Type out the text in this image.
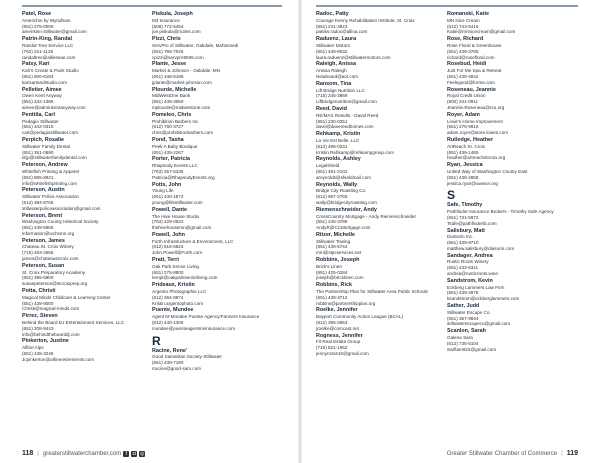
Patel, Rose
Americhin by Wyndham
(651) 275-0000
amerisinn.stillwater@gmail.com
Patrin-King, Randal
Randal Tree Service LLC
(763) 221-1128
randaltree@allieseae.com
Patsy, Kari
Kari's Create & Paint Studio
(651) 800-6183
karisartandstudio.com
Pelletier, Aimee
Owen Kent Anyway
(651) 342-1386
aimee@adminkentanyway.com
Penttila, Carl
Pedagio Stillwater
(651) 342-0310
carl@pedagiostillwater.com
Perpich, Rosalie
Stillwater Family Dental
(651) 351-0690
drjp@stillwaterfamilydental.com
Peterson, Andrew
Whitefish Printing & Apparel
(651) 855-8821
info@whitefishprinting.com
Peterson, Austin
Stillwater Police Association
(612) 384-8755
stillwaterpoliceassociation@gmail.com
Peterson, Brent
Washington County Historical Society
(651) 439-5956
information@wchsmn.org
Peterson, James
Chateau St. Croix Winery
(715) 483-2556
james@chateaustcroix.com
Peterson, Susan
St. Croix Preparatory Academy
(651) 395-5900
susanpeterson@stcroixprep.org
Potta, Christi
Magical Minds Childcare & Learning Center
(651) 439-9000
Christi@magical-minds.com
Pirrez, Steven
Behind the Board DJ Entertainment Services, LLC
(651) 208-9443
info@behindtheboarddj.com
Pinkerton, Justine
Affine Alps
(651) 436-3245
Jcpinkerton@alfineretirements.com
Piskula, Joseph
M3 Insurance
(608) 772-5454
joe.piskula@m3ins.com
Pizzi, Chris
ServPro of Stillwater, Oakdale, Mahtomedi
(651) 765-7026
cpizzi@servpro9506.com
Plante, Jesse
Market & Johnson - Oakdale, MN
(651) 348-6196
jplante@market-johnson.com
Plourde, Michelle
MidWestOne Bank
(651) 439-3050
mplourde@midwestone.com
Pomeleo, Chris
Prohibition Barbers Inc
(612) 760-3727
chris@prohibitionbarbers.com
Pond, Tasha
Peek A Baby Boutique
(651) 439-2267
Porter, Patricia
Rhapsody Events LLC
(763) 257-6335
Patricia@RhapsodyEvents.org
Potts, John
Young Life
(651) 430-1873
young@lifestillwater.com
Powell, Dante
The Hive House Studio
(763) 229-0623
thehivehousemn@gmail.com
Powell, John
Forth Infrastructure & Environment, LLC
(612) 618-6824
John.Powell@Forth.com
Pratt, Terri
Oak Park Senior Living
(651) 275-8800
tempt@oakparkseniorliving.com
Prideaux, Kristin
Argento Photographie LLC
(612) 384-9874
Kristin.argentophoto.com
Puente, Mundee
Agent M-Mundee Puente Agency/Farmers Insurance
(612) 440-1306
mundee@puenteagentmninsurance.com
R
Racine, Rene'
Good Samaritan Society-Stillwater
(651) 439-7180
rracine@good-sam.com
118 | greaterstillwaterchamber.com f	◘ ◎
Radoc, Patty
Courage Kenny Rehabilitation Institute, St. Croix
(651) 241-3823
pattiss.radoc@allina.com
Raduenz, Laura
Stillwater Motors
(651) 439-6032
laura.raduenz@stillwatermotors.com
Raleigh, Anissa
Anissa Raleigh
Neiaboard@aol.com
Ransom, Tina
Lift Bridge Nutrition LLC
(715) 245-3869
Liftbridgenutrition@gmail.com
Reed, David
RE/MAX Results - David Reed
(651) 230-0251
dave@davereedhomes.com
Rehkamp, Kristin
La Vie Est Belle, LLC
(612) 499-0231
Kristin.Rehkamp@rehkampgroup.com
Reynolds, Ashley
Legalshield
(651) 491-2102
areynolds@shieldmail.com
Reynolds, Wally
Bridge City Roasting Co.
(612) 987-2765
wally@bridgecityroasting.com
Riemenschneider, Andy
CrossCountry Mortgage - Andy Riemenschneider
(651) 246-3788
AndyR@CCMortgage.com
Ritzer, Michelle
Stillwater Towing
(651) 439-5744
mm@stpcservices.net
Robbins, Joseph
Brick's Linen
(651) 425-0284
joseph@bricklinen.com
Robbins, Rick
The Partnership Plan for Stillwater Area Public Schools
(651) 439-3712
robbins@partnershipplan.org
Roelke, Jennifer
Bayport Community Action League (BCAL)
(612) 396-2953
jroelke@comcast.net
Rogness, Jennifer
Fit Real Estate Group
(715) 821-1952
jennyrosss10@gmail.com
Romanski, Katie
MN Nice Cream
(612) 743-6416
Katie@mnnicecream@gmail.com
Rose, Richard
Rose Floral & Greenhouse
(651) 439-3765
richard@rosefloral.com
Rosebud, Heidi
Just For Me Spa & Retreat
(651) 439-4842
Feelsgood@forme.com
Roseneau, Jeannie
Royal Credit Union
(800) 341-0911
Jeannie.Roseneau@rcu.org
Royer, Adam
Lowe's Home Improvement
(651) 275-9610
adam.royer@store.lowes.com
Rutledge, Heather
ArtReach St. Croix
(651) 439-1465
heather@artreachstcroix.org
Ryan, Jessica
United Way of Washington County East
(651) 439-2858
jessica.ryan@uwwce.org
S
Safe, Timothy
Pathfinder Insurance Brokers - Timothy Safe Agency
(651) 731-5972
Tsafe@pathfinderib.com
Salisbury, Matt
DiaSorin Inc.
(651) 439-9710
matthew.salisbury@diasorin.com
Sandager, Andrea
Rustic Roots Winery
(651) 433-5311
andrea@rusticroots.wine
Sandstrom, Kevin
Eckberg Lammers Law Firm
(651) 439-2878
ksandstrom@eckberglammers.com
Sather, Judd
Stillwater Escape Co.
(651) 357-9844
stillwaterescapeco@gmail.com
Scanlon, Sarah
Galena Sara
(612) 735-5104
Sarflam923@gmail.com
Greater Stillwater Chamber of Commerce | 119
